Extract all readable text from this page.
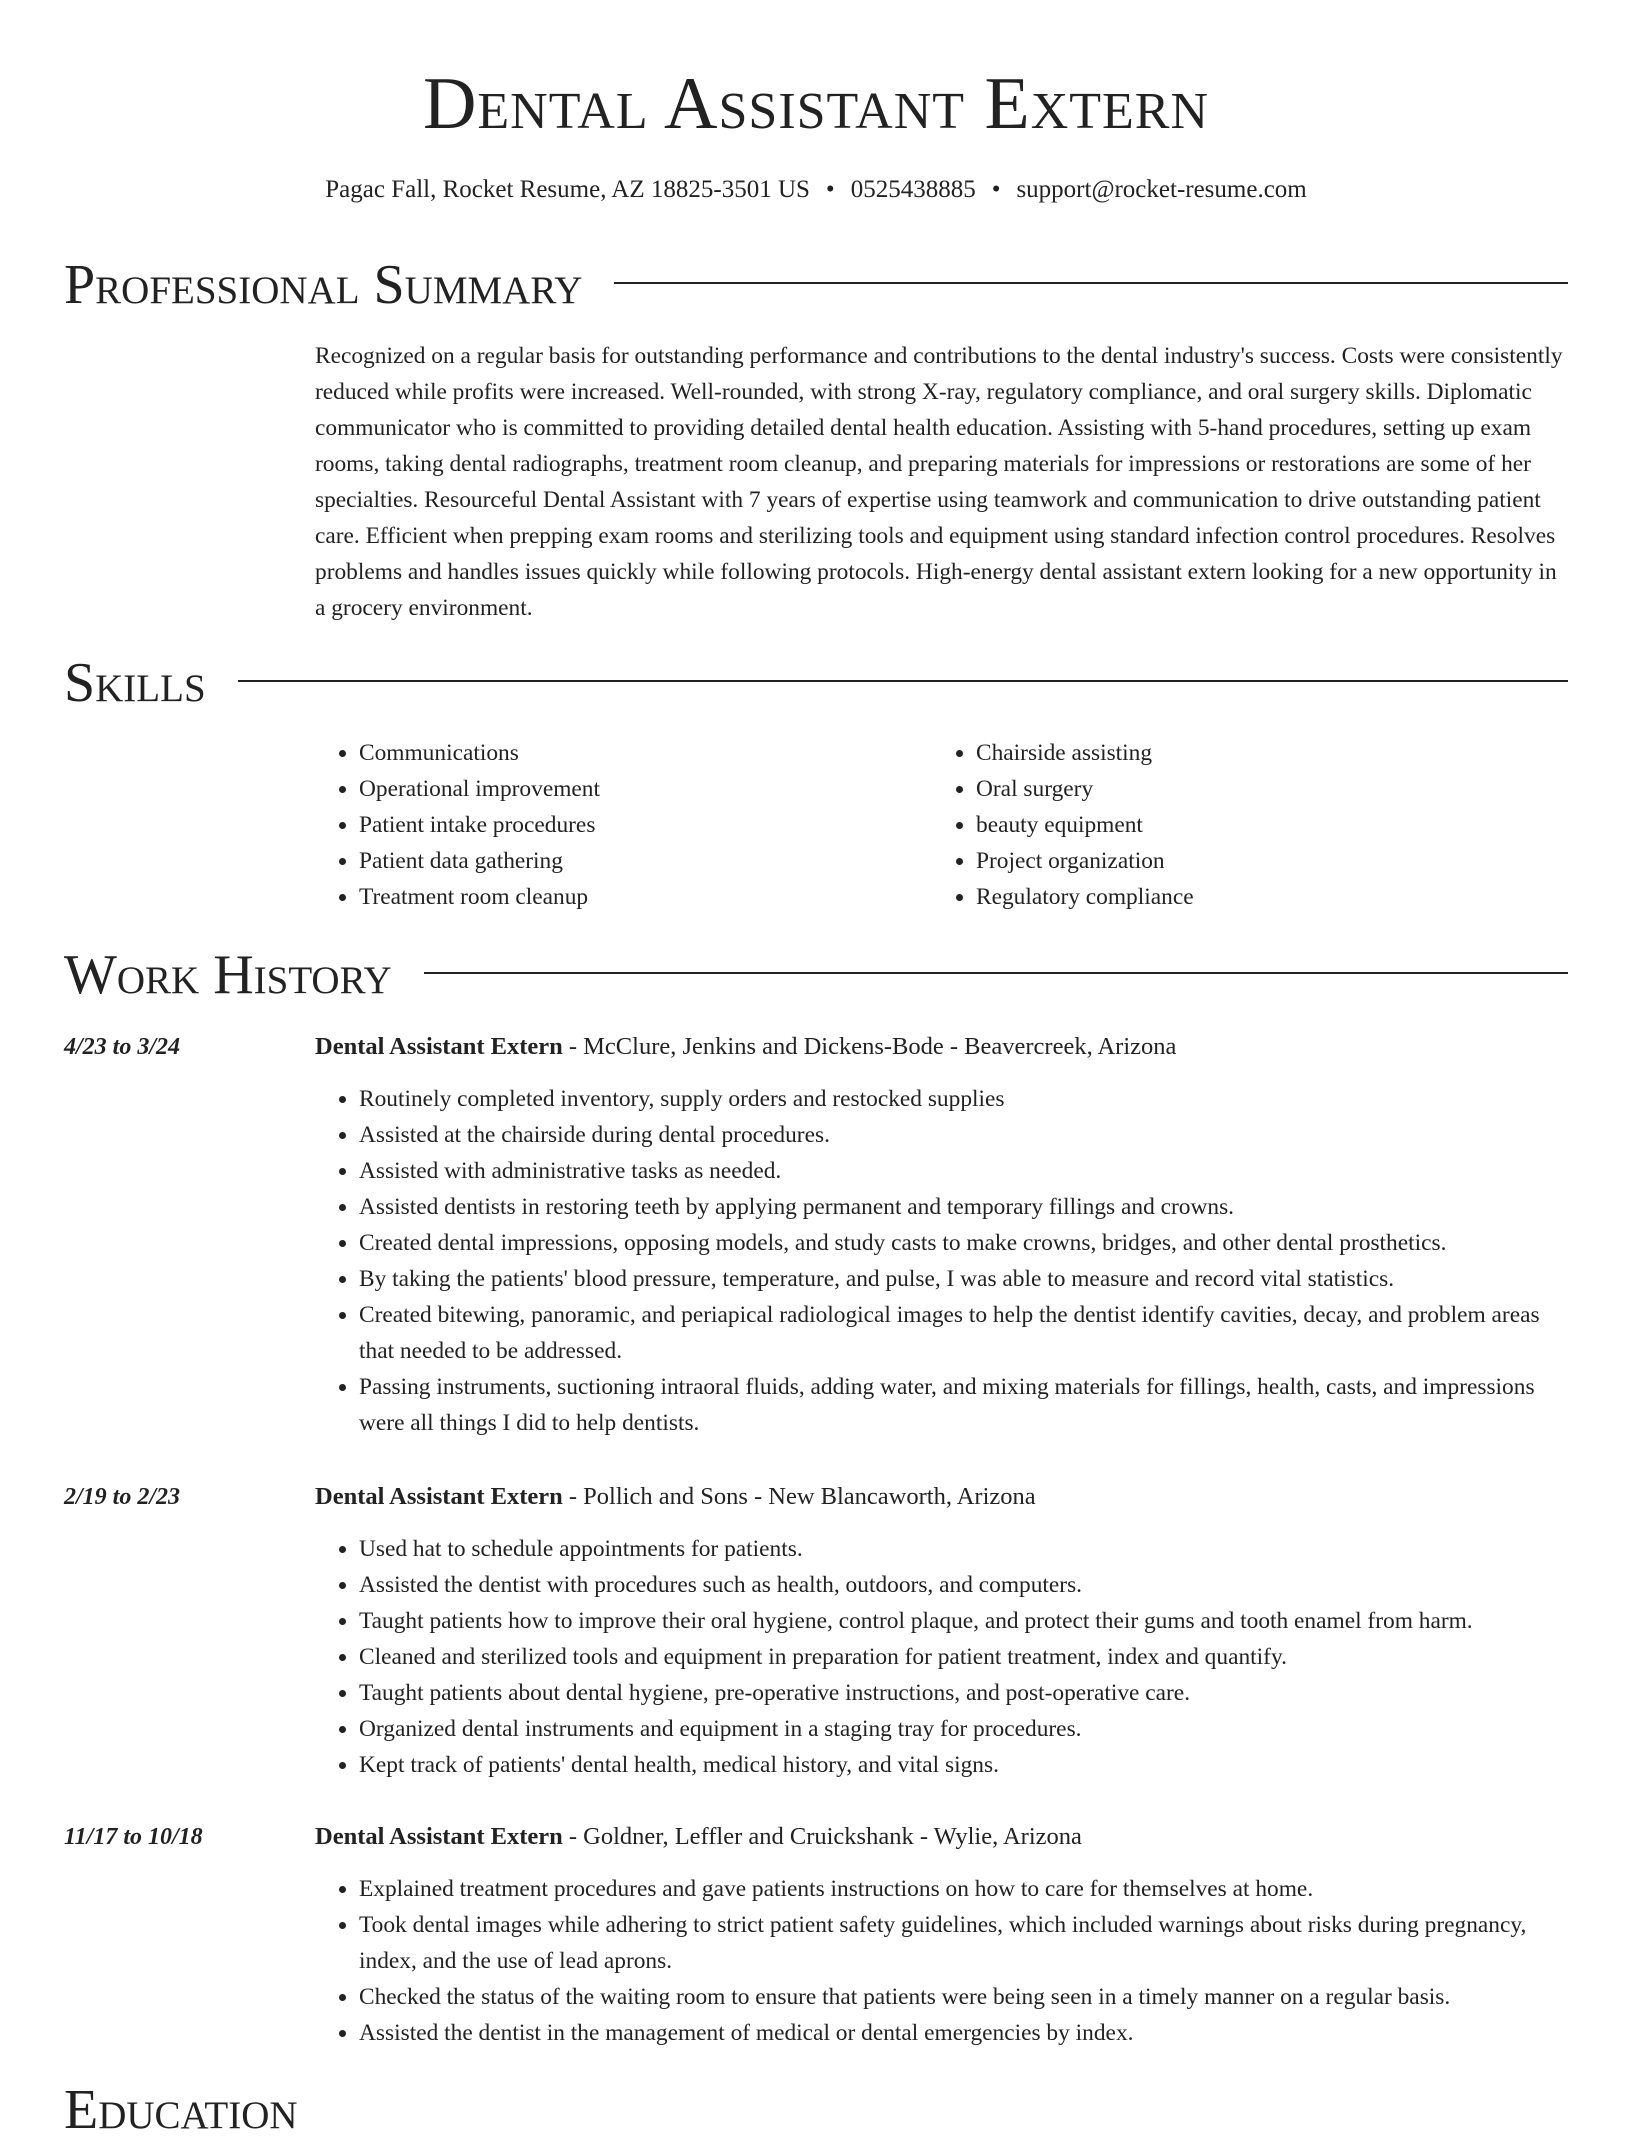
Dental Assistant Extern
Pagac Fall, Rocket Resume, AZ 18825-3501 US • 0525438885 • support@rocket-resume.com
Professional Summary
Recognized on a regular basis for outstanding performance and contributions to the dental industry's success. Costs were consistently reduced while profits were increased. Well-rounded, with strong X-ray, regulatory compliance, and oral surgery skills. Diplomatic communicator who is committed to providing detailed dental health education. Assisting with 5-hand procedures, setting up exam rooms, taking dental radiographs, treatment room cleanup, and preparing materials for impressions or restorations are some of her specialties. Resourceful Dental Assistant with 7 years of expertise using teamwork and communication to drive outstanding patient care. Efficient when prepping exam rooms and sterilizing tools and equipment using standard infection control procedures. Resolves problems and handles issues quickly while following protocols. High-energy dental assistant extern looking for a new opportunity in a grocery environment.
Skills
• Communications
• Operational improvement
• Patient intake procedures
• Patient data gathering
• Treatment room cleanup
• Chairside assisting
• Oral surgery
• beauty equipment
• Project organization
• Regulatory compliance
Work History
4/23 to 3/24	Dental Assistant Extern - McClure, Jenkins and Dickens-Bode - Beavercreek, Arizona
• Routinely completed inventory, supply orders and restocked supplies
• Assisted at the chairside during dental procedures.
• Assisted with administrative tasks as needed.
• Assisted dentists in restoring teeth by applying permanent and temporary fillings and crowns.
• Created dental impressions, opposing models, and study casts to make crowns, bridges, and other dental prosthetics.
• By taking the patients' blood pressure, temperature, and pulse, I was able to measure and record vital statistics.
• Created bitewing, panoramic, and periapical radiological images to help the dentist identify cavities, decay, and problem areas that needed to be addressed.
• Passing instruments, suctioning intraoral fluids, adding water, and mixing materials for fillings, health, casts, and impressions were all things I did to help dentists.
2/19 to 2/23	Dental Assistant Extern - Pollich and Sons - New Blancaworth, Arizona
• Used hat to schedule appointments for patients.
• Assisted the dentist with procedures such as health, outdoors, and computers.
• Taught patients how to improve their oral hygiene, control plaque, and protect their gums and tooth enamel from harm.
• Cleaned and sterilized tools and equipment in preparation for patient treatment, index and quantify.
• Taught patients about dental hygiene, pre-operative instructions, and post-operative care.
• Organized dental instruments and equipment in a staging tray for procedures.
• Kept track of patients' dental health, medical history, and vital signs.
11/17 to 10/18	Dental Assistant Extern - Goldner, Leffler and Cruickshank - Wylie, Arizona
• Explained treatment procedures and gave patients instructions on how to care for themselves at home.
• Took dental images while adhering to strict patient safety guidelines, which included warnings about risks during pregnancy, index, and the use of lead aprons.
• Checked the status of the waiting room to ensure that patients were being seen in a timely manner on a regular basis.
• Assisted the dentist in the management of medical or dental emergencies by index.
Education
